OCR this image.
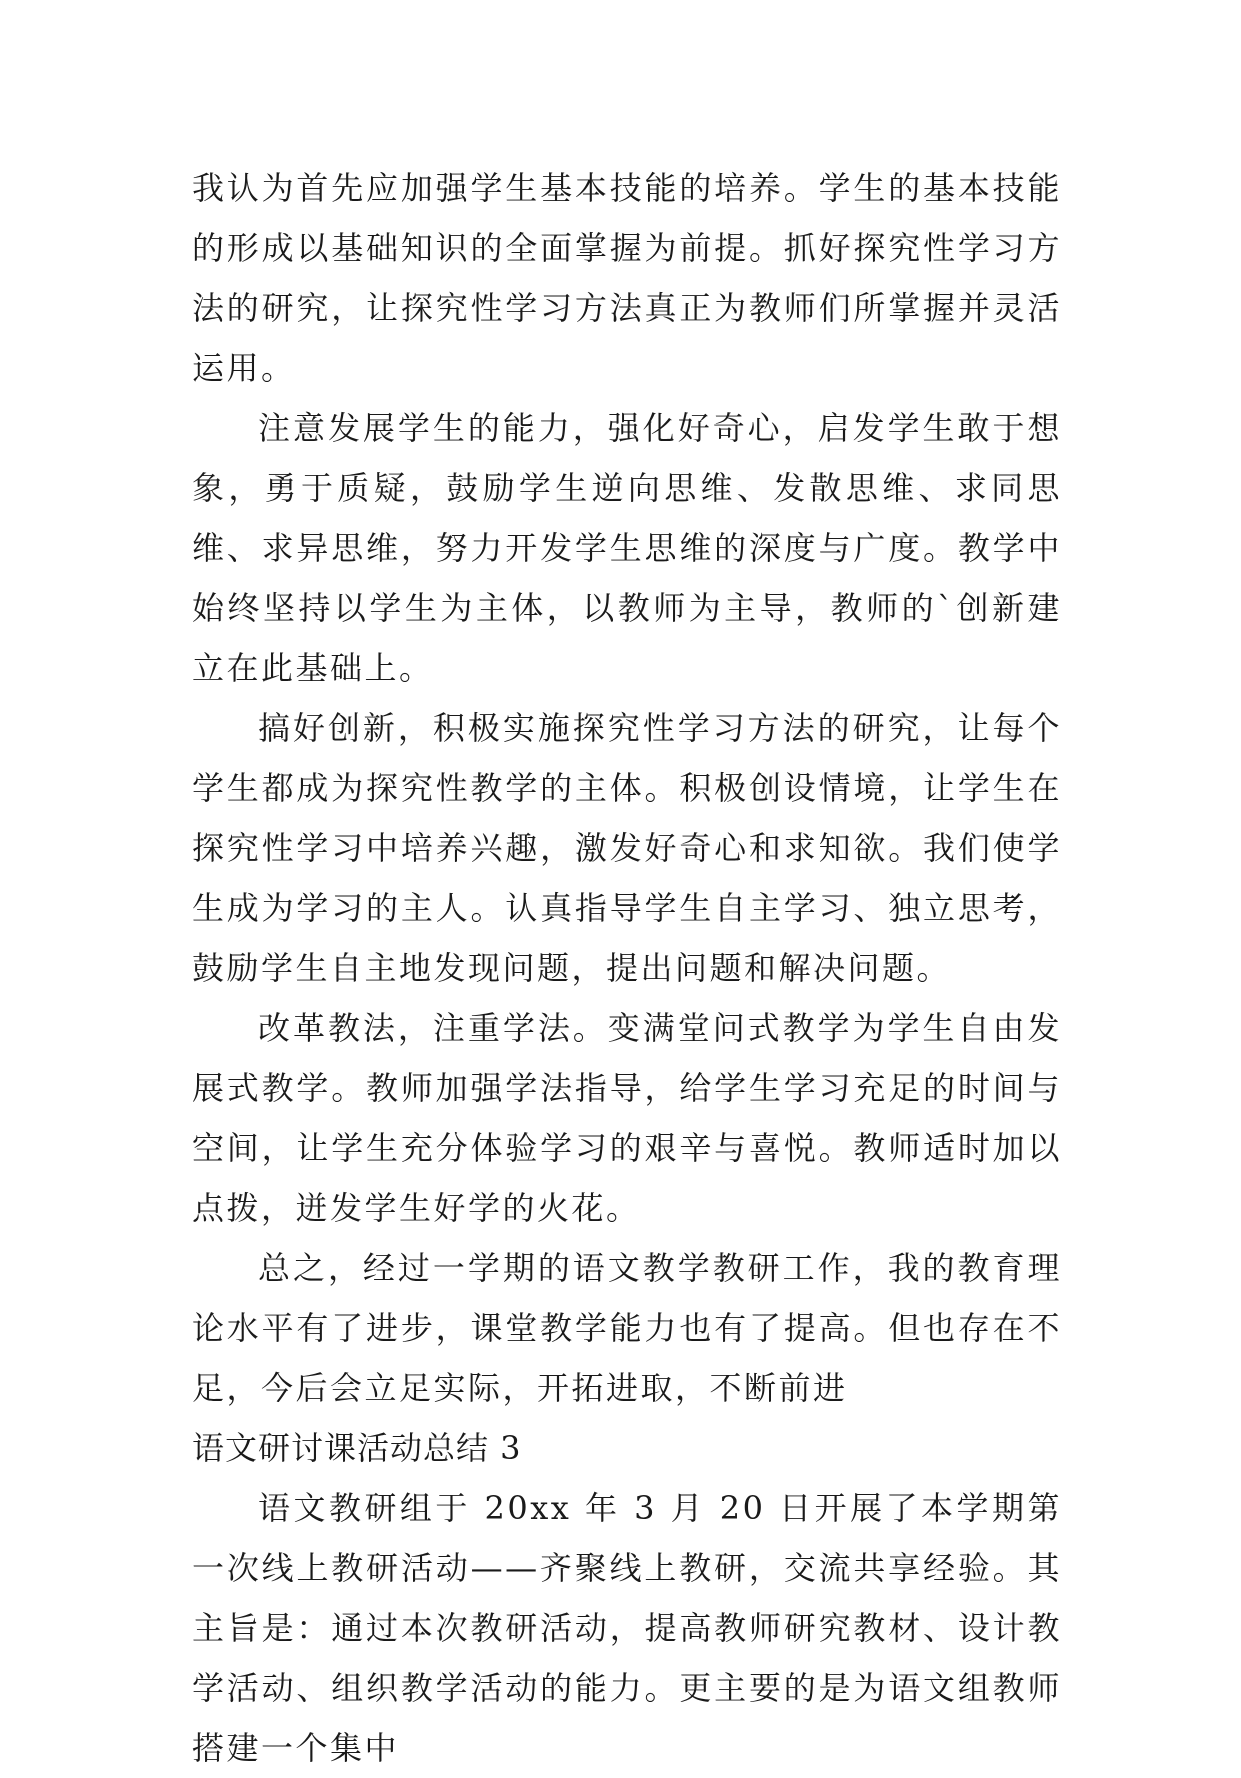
我认为首先应加强学生基本技能的培养。学生的基本技能的形成以基础知识的全面掌握为前提。抓好探究性学习方法的研究，让探究性学习方法真正为教师们所掌握并灵活运用。

注意发展学生的能力，强化好奇心，启发学生敢于想象，勇于质疑，鼓励学生逆向思维、发散思维、求同思维、求异思维，努力开发学生思维的深度与广度。教学中始终坚持以学生为主体，以教师为主导，教师的`创新建立在此基础上。

搞好创新，积极实施探究性学习方法的研究，让每个学生都成为探究性教学的主体。积极创设情境，让学生在探究性学习中培养兴趣，激发好奇心和求知欲。我们使学生成为学习的主人。认真指导学生自主学习、独立思考，鼓励学生自主地发现问题，提出问题和解决问题。

改革教法，注重学法。变满堂问式教学为学生自由发展式教学。教师加强学法指导，给学生学习充足的时间与空间，让学生充分体验学习的艰辛与喜悦。教师适时加以点拨，迸发学生好学的火花。

总之，经过一学期的语文教学教研工作，我的教育理论水平有了进步，课堂教学能力也有了提高。但也存在不足，今后会立足实际，开拓进取，不断前进

语文研讨课活动总结 3

语文教研组于 20xx 年 3 月 20 日开展了本学期第一次线上教研活动——齐聚线上教研，交流共享经验。其主旨是：通过本次教研活动，提高教师研究教材、设计教学活动、组织教学活动的能力。更主要的是为语文组教师搭建一个集中
